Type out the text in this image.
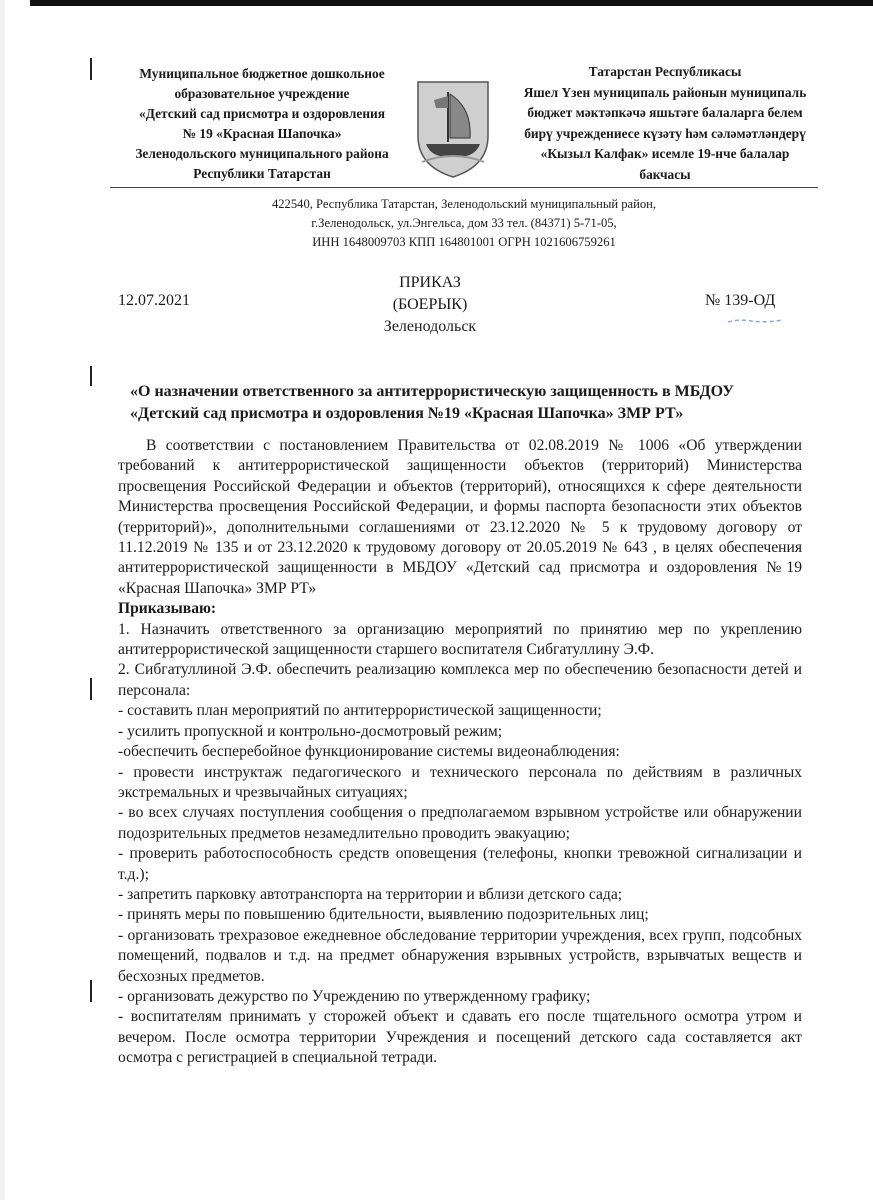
Муниципальное бюджетное дошкольное
образовательное учреждение
«Детский сад присмотра и оздоровления
№ 19 «Красная Шапочка»
Зеленодольского муниципального района
Республики Татарстан
Татарстан Республикасы
Яшел Үзен муниципаль районын муниципаль
бюджет мәктәпкәчә яшьтәге балаларга белем
бирү учреждениесе күзәту һәм сәләмәтләндерү
«Кызыл Калфак» исемле 19-нче балалар
бакчасы
422540, Республика Татарстан, Зеленодольский муниципальный район,
г.Зеленодольск, ул.Энгельса, дом 33 тел. (84371) 5-71-05,
ИНН 1648009703 КПП 164801001 ОГРН 1021606759261
12.07.2021
ПРИКАЗ
(БОЕРЫК)
Зеленодольск
№ 139-ОД
«О назначении ответственного за антитеррористическую защищенность в МБДОУ
«Детский сад присмотра и оздоровления №19 «Красная Шапочка» ЗМР РТ»

В соответствии с постановлением Правительства от 02.08.2019 № 1006 «Об утверждении требований к антитеррористической защищенности объектов (территорий) Министерства просвещения Российской Федерации и объектов (территорий), относящихся к сфере деятельности Министерства просвещения Российской Федерации, и формы паспорта безопасности этих объектов (территорий)», дополнительными соглашениями от 23.12.2020 № 5 к трудовому договору от 11.12.2019 № 135 и от 23.12.2020 к трудовому договору от 20.05.2019 № 643 , в целях обеспечения антитеррористической защищенности в МБДОУ «Детский сад присмотра и оздоровления №19 «Красная Шапочка» ЗМР РТ»

Приказываю:

1. Назначить ответственного за организацию мероприятий по принятию мер по укреплению антитеррористической защищенности старшего воспитателя Сибгатуллину Э.Ф.

2. Сибгатуллиной Э.Ф. обеспечить реализацию комплекса мер по обеспечению безопасности детей и персонала:

- составить план мероприятий по антитеррористической защищенности;

- усилить пропускной и контрольно-досмотровый режим;

-обеспечить бесперебойное функционирование системы видеонаблюдения:

- провести инструктаж педагогического и технического персонала по действиям в различных экстремальных и чрезвычайных ситуациях;

- во всех случаях поступления сообщения о предполагаемом взрывном устройстве или обнаружении подозрительных предметов незамедлительно проводить эвакуацию;

- проверить работоспособность средств оповещения (телефоны, кнопки тревожной сигнализации и т.д.);

- запретить парковку автотранспорта на территории и вблизи детского сада;

- принять меры по повышению бдительности, выявлению подозрительных лиц;

- организовать трехразовое ежедневное обследование территории учреждения, всех групп, подсобных помещений, подвалов и т.д. на предмет обнаружения взрывных устройств, взрывчатых веществ и бесхозных предметов.

- организовать дежурство по Учреждению по утвержденному графику;

- воспитателям принимать у сторожей объект и сдавать его после тщательного осмотра утром и вечером. После осмотра территории Учреждения и посещений детского сада составляется акт осмотра с регистрацией в специальной тетради.
